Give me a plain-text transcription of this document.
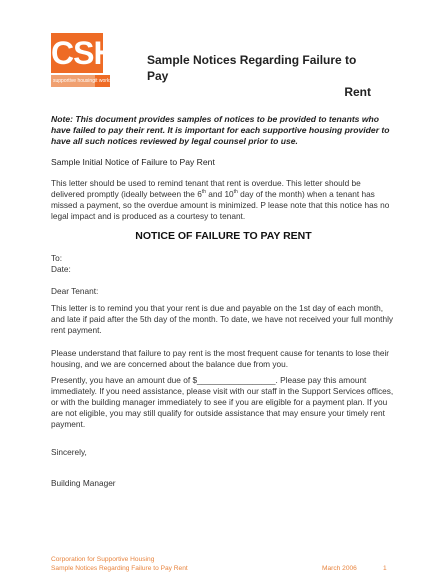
CSH
supportive housing it works
Sample Notices Regarding Failure to Pay
Rent
Note: This document provides samples of notices to be provided to tenants who have failed to pay their rent. It is important for each supportive housing provider to have all such notices reviewed by legal counsel prior to use.
Sample Initial Notice of Failure to Pay Rent
This letter should be used to remind tenant that rent is overdue. This letter should be delivered promptly (ideally between the 6th and 10th day of the month) when a tenant has missed a payment, so the overdue amount is minimized. P lease note that this notice has no legal impact and is produced as a courtesy to tenant.
NOTICE OF FAILURE TO PAY RENT
To:
Date:
Dear Tenant:
This letter is to remind you that your rent is due and payable on the 1st day of each month, and late if paid after the 5th day of the month. To date, we have not received your full monthly rent payment.
Please understand that failure to pay rent is the most frequent cause for tenants to lose their housing, and we are concerned about the balance due from you.
Presently, you have an amount due of $_________________. Please pay this amount immediately. If you need assistance, please visit with our staff in the Support Services offices, or with the building manager immediately to see if you are eligible for a payment plan. If you are not eligible, you may still qualify for outside assistance that may ensure your timely rent payment.
Sincerely,
Building Manager
Corporation for Supportive Housing
Sample Notices Regarding Failure to Pay Rent	March 2006	1
